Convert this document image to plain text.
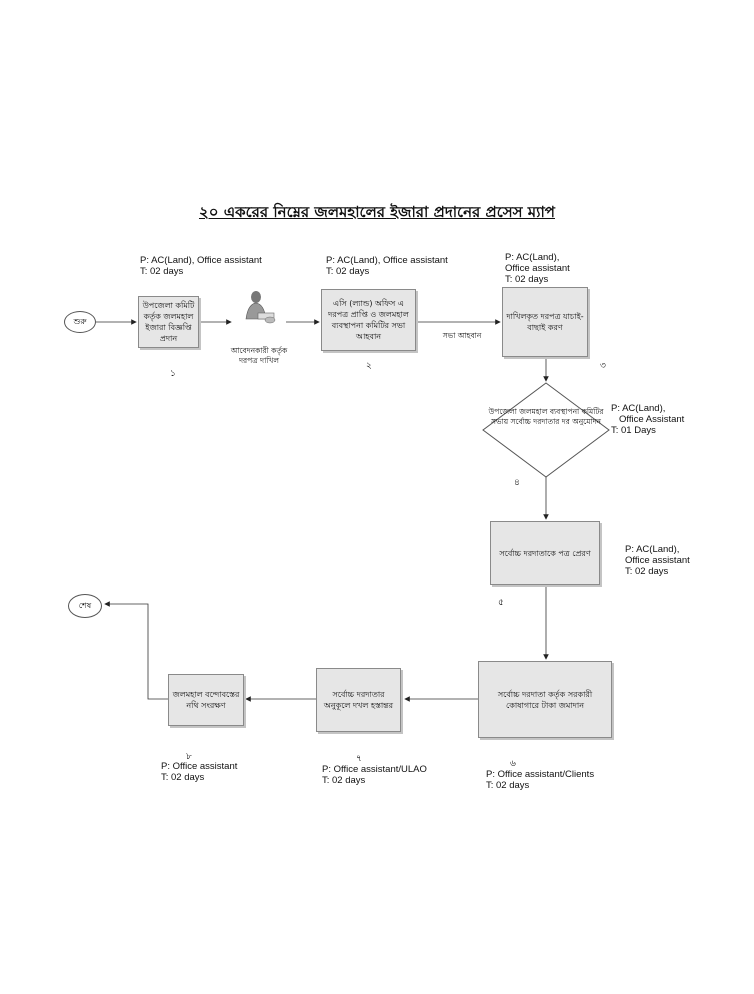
২০ একরের নিম্নের জলমহালের ইজারা প্রদানের প্রসেস ম্যাপ
শুরু
শেষ
P: AC(Land), Office assistant
T: 02 days
উপজেলা কমিটি কর্তৃক জলমহাল ইজারা বিজ্ঞপ্তি প্রদান
১
আবেদনকারী কর্তৃক দরপত্র দাখিল
P: AC(Land), Office assistant
T: 02 days
এসি (ল্যান্ড) অফিস এ দরপত্র প্রাপ্তি ও জলমহাল ব্যবস্থাপনা কমিটির সভা আহবান
২
সভা আহবান
P: AC(Land),
Office assistant
T: 02 days
দাখিলকৃত দরপত্র যাচাই-বাছাই করণ
৩
উপজেলা জলমহাল ব্যবস্থাপনা কমিটির সভায় সর্বোচ্চ দরদাতার দর অনুমোদন
P: AC(Land),
Office Assistant
T: 01 Days
৪
সর্বোচ্চ দরদাতাকে পত্র প্রেরণ	P: AC(Land),
Office assistant
T: 02 days
৫
সর্বোচ্চ দরদাতা কর্তৃক সরকারী কোষাগারে টাকা জমাদান
৬
P: Office assistant/Clients
T: 02 days
সর্বোচ্চ দরদাতার অনুকূলে দখল হস্তান্তর
৭
P: Office assistant/ULAO
T: 02 days
জলমহাল বন্দোবস্তের নথি সংরক্ষণ
৮
P: Office assistant
T: 02 days
